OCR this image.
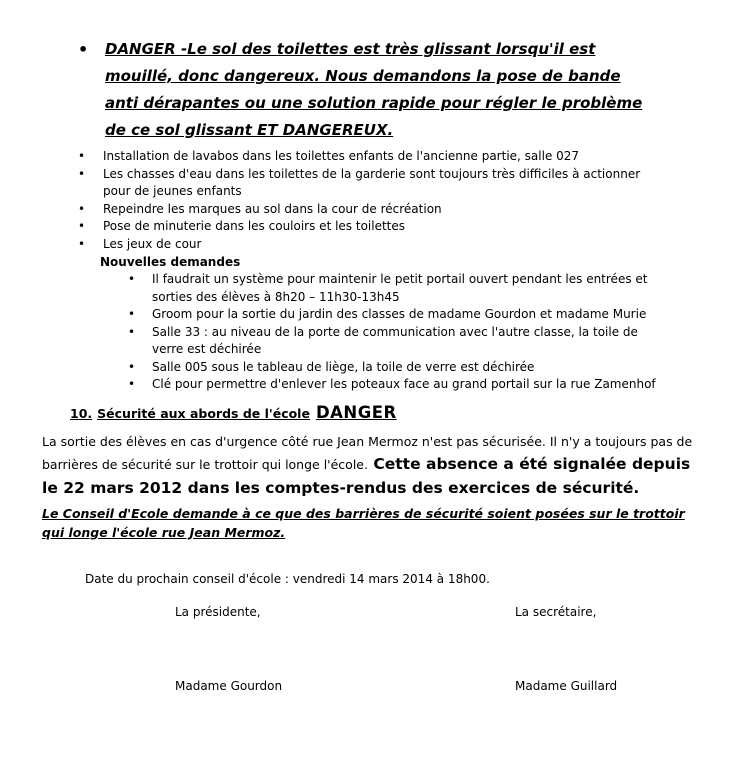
• DANGER -Le sol des toilettes est très glissant lorsqu'il est mouillé, donc dangereux. Nous demandons la pose de bande anti dérapantes ou une solution rapide pour régler le problème de ce sol glissant ET DANGEREUX.
• Installation de lavabos dans les toilettes enfants de l'ancienne partie, salle 027
• Les chasses d'eau dans les toilettes de la garderie sont toujours très difficiles à actionner pour de jeunes enfants
• Repeindre les marques au sol dans la cour de récréation
• Pose de minuterie dans les couloirs et les toilettes
• Les jeux de cour
Nouvelles demandes
• Il faudrait un système pour maintenir le petit portail ouvert pendant les entrées et sorties des élèves à 8h20 – 11h30-13h45
• Groom pour la sortie du jardin des classes de madame Gourdon et madame Murie
• Salle 33 : au niveau de la porte de communication avec l'autre classe, la toile de verre est déchirée
• Salle 005 sous le tableau de liège, la toile de verre est déchirée
• Clé pour permettre d'enlever les poteaux face au grand portail sur la rue Zamenhof
10. Sécurité aux abords de l'école DANGER
La sortie des élèves en cas d'urgence côté rue Jean Mermoz n'est pas sécurisée. Il n'y a toujours pas de barrières de sécurité sur le trottoir qui longe l'école. Cette absence a été signalée depuis le 22 mars 2012 dans les comptes-rendus des exercices de sécurité.
Le Conseil d'Ecole demande à ce que des barrières de sécurité soient posées sur le trottoir qui longe l'école rue Jean Mermoz.
Date du prochain conseil d'école : vendredi 14 mars 2014 à 18h00.
La présidente,	La secrétaire,
Madame Gourdon	Madame Guillard
